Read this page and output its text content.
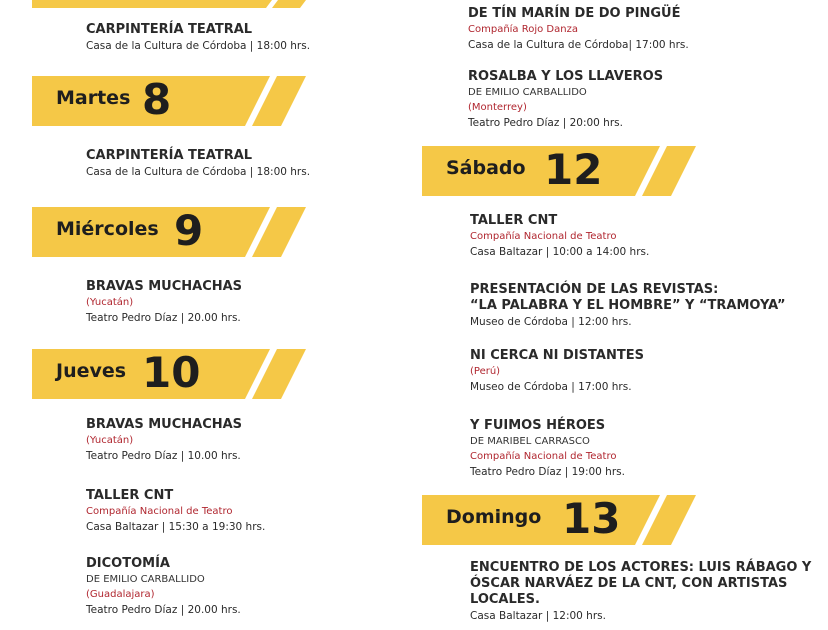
CARPINTERÍA TEATRAL
Casa de la Cultura de Córdoba | 18:00 hrs.
Martes 8
CARPINTERÍA TEATRAL
Casa de la Cultura de Córdoba | 18:00 hrs.
Miércoles 9
BRAVAS MUCHACHAS
(Yucatán)
Teatro Pedro Díaz | 20.00 hrs.
Jueves 10
BRAVAS MUCHACHAS
(Yucatán)
Teatro Pedro Díaz | 10.00 hrs.
TALLER CNT
Compañía Nacional de Teatro
Casa Baltazar | 15:30 a 19:30 hrs.
DICOTOMÍA
DE EMILIO CARBALLIDO
(Guadalajara)
Teatro Pedro Díaz | 20.00 hrs.
DE TÍN MARÍN DE DO PINGÜÉ
Compañía Rojo Danza
Casa de la Cultura de Córdoba| 17:00 hrs.
ROSALBA Y LOS LLAVEROS
DE EMILIO CARBALLIDO
(Monterrey)
Teatro Pedro Díaz | 20:00 hrs.
Sábado 12
TALLER CNT
Compañía Nacional de Teatro
Casa Baltazar | 10:00 a 14:00 hrs.
PRESENTACIÓN DE LAS REVISTAS:
“LA PALABRA Y EL HOMBRE” Y “TRAMOYA”
Museo de Córdoba | 12:00 hrs.
NI CERCA NI DISTANTES
(Perú)
Museo de Córdoba | 17:00 hrs.
Y FUIMOS HÉROES
DE MARIBEL CARRASCO
Compañía Nacional de Teatro
Teatro Pedro Díaz | 19:00 hrs.
Domingo 13
ENCUENTRO DE LOS ACTORES: LUIS RÁBAGO Y
ÓSCAR NARVÁEZ DE LA CNT, CON ARTISTAS
LOCALES.
Casa Baltazar | 12:00 hrs.
